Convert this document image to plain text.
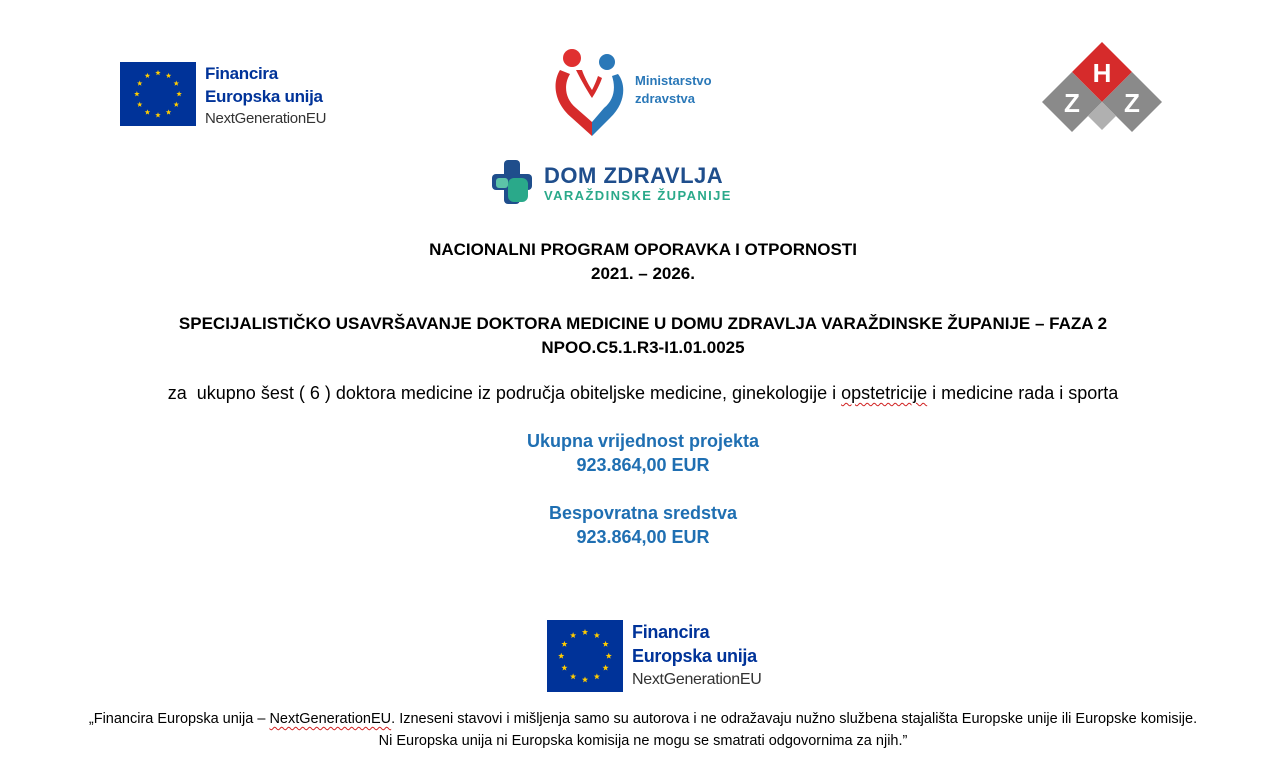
Financira
Europska unija
NextGenerationEU
Ministarstvo
zdravstva
H
Z Z
DOM ZDRAVLJA
VARAŽDINSKE ŽUPANIJE
NACIONALNI PROGRAM OPORAVKA I OTPORNOSTI
2021. – 2026.
SPECIJALISTIČKO USAVRŠAVANJE DOKTORA MEDICINE U DOMU ZDRAVLJA VARAŽDINSKE ŽUPANIJE – FAZA 2
NPOO.C5.1.R3-I1.01.0025
za  ukupno šest ( 6 ) doktora medicine iz područja obiteljske medicine, ginekologije i opstetricije i medicine rada i sporta
Ukupna vrijednost projekta
923.864,00 EUR
Bespovratna sredstva
923.864,00 EUR
Financira
Europska unija
NextGenerationEU
„Financira Europska unija – NextGenerationEU. Izneseni stavovi i mišljenja samo su autorova i ne odražavaju nužno službena stajališta Europske unije ili Europske komisije.
Ni Europska unija ni Europska komisija ne mogu se smatrati odgovornima za njih.”
